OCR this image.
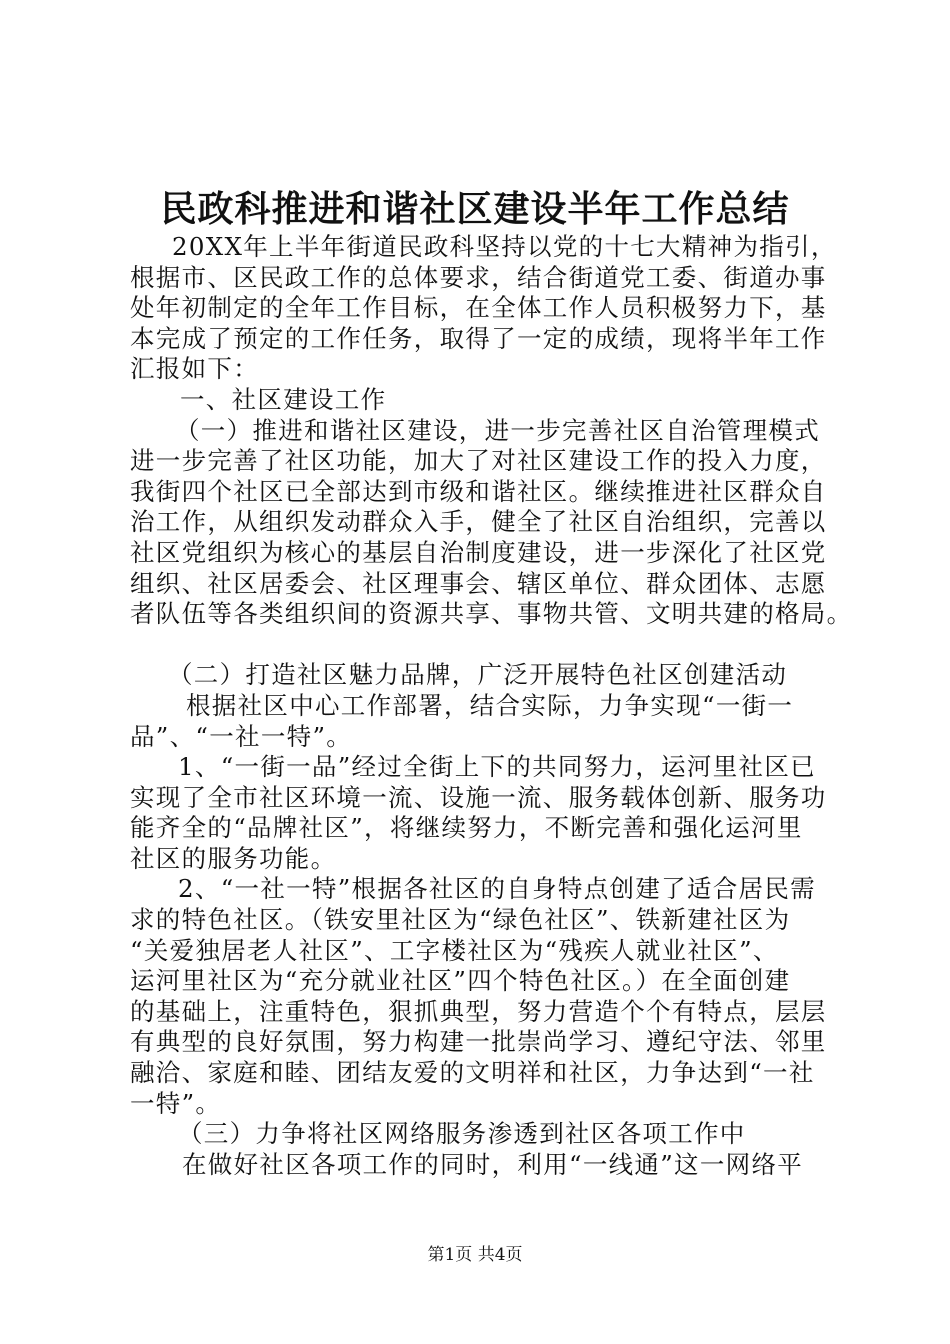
民政科推进和谐社区建设半年工作总结
20XX年上半年街道民政科坚持以党的十七大精神为指引，
根据市、区民政工作的总体要求，结合街道党工委、街道办事
处年初制定的全年工作目标，在全体工作人员积极努力下，基
本完成了预定的工作任务，取得了一定的成绩，现将半年工作
汇报如下：
一、社区建设工作
（一）推进和谐社区建设，进一步完善社区自治管理模式
进一步完善了社区功能，加大了对社区建设工作的投入力度，
我街四个社区已全部达到市级和谐社区。继续推进社区群众自
治工作，从组织发动群众入手，健全了社区自治组织，完善以
社区党组织为核心的基层自治制度建设，进一步深化了社区党
组织、社区居委会、社区理事会、辖区单位、群众团体、志愿
者队伍等各类组织间的资源共享、事物共管、文明共建的格局。
（二）打造社区魅力品牌，广泛开展特色社区创建活动
根据社区中心工作部署，结合实际，力争实现“一街一
品”、“一社一特”。
1、“一街一品”经过全街上下的共同努力，运河里社区已
实现了全市社区环境一流、设施一流、服务载体创新、服务功
能齐全的“品牌社区”，将继续努力，不断完善和强化运河里
社区的服务功能。
2、“一社一特”根据各社区的自身特点创建了适合居民需
求的特色社区。（铁安里社区为“绿色社区”、铁新建社区为
“关爱独居老人社区”、工字楼社区为“残疾人就业社区”、
运河里社区为“充分就业社区”四个特色社区。）在全面创建
的基础上，注重特色，狠抓典型，努力营造个个有特点，层层
有典型的良好氛围，努力构建一批崇尚学习、遵纪守法、邻里
融洽、家庭和睦、团结友爱的文明祥和社区，力争达到“一社
一特”。
（三）力争将社区网络服务渗透到社区各项工作中
在做好社区各项工作的同时，利用“一线通”这一网络平
第1页 共4页
